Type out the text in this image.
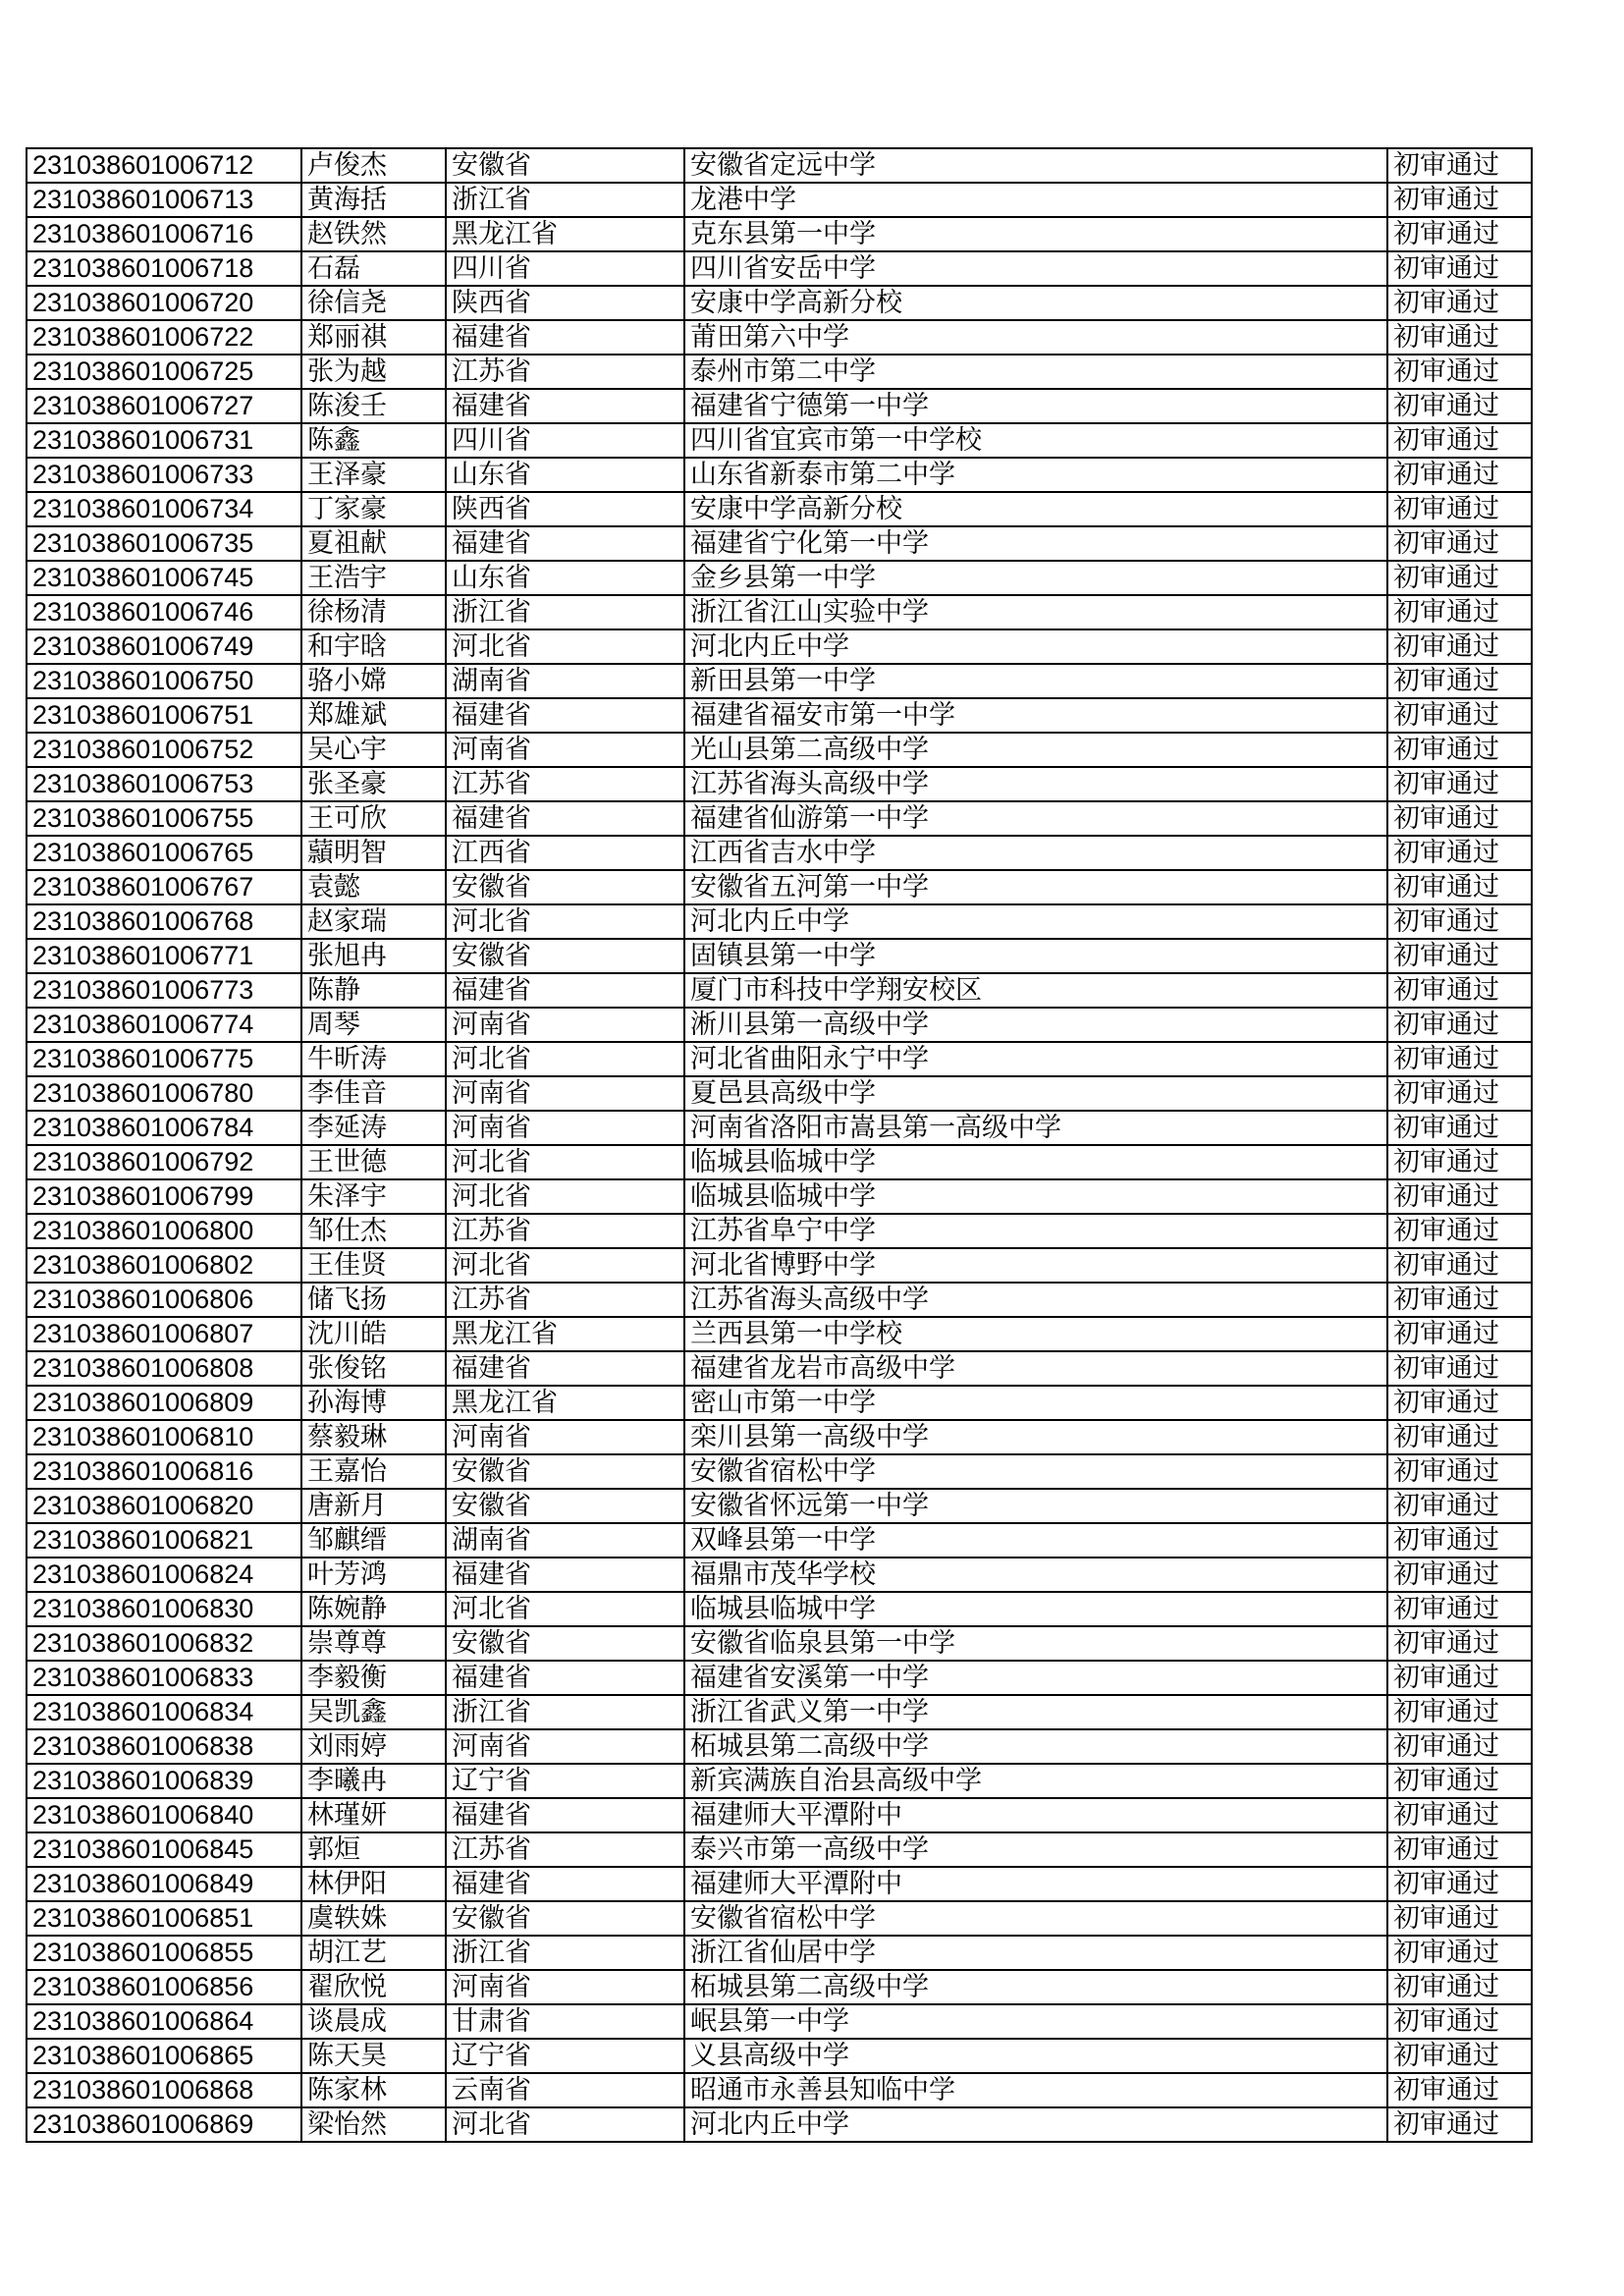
231038601006712	卢俊杰	安徽省	安徽省定远中学	初审通过
231038601006713	黄海括	浙江省	龙港中学	初审通过
231038601006716	赵铁然	黑龙江省	克东县第一中学	初审通过
231038601006718	石磊	四川省	四川省安岳中学	初审通过
231038601006720	徐信尧	陕西省	安康中学高新分校	初审通过
231038601006722	郑丽祺	福建省	莆田第六中学	初审通过
231038601006725	张为越	江苏省	泰州市第二中学	初审通过
231038601006727	陈浚壬	福建省	福建省宁德第一中学	初审通过
231038601006731	陈鑫	四川省	四川省宜宾市第一中学校	初审通过
231038601006733	王泽豪	山东省	山东省新泰市第二中学	初审通过
231038601006734	丁家豪	陕西省	安康中学高新分校	初审通过
231038601006735	夏祖献	福建省	福建省宁化第一中学	初审通过
231038601006745	王浩宇	山东省	金乡县第一中学	初审通过
231038601006746	徐杨清	浙江省	浙江省江山实验中学	初审通过
231038601006749	和宇晗	河北省	河北内丘中学	初审通过
231038601006750	骆小嫦	湖南省	新田县第一中学	初审通过
231038601006751	郑雄斌	福建省	福建省福安市第一中学	初审通过
231038601006752	吴心宇	河南省	光山县第二高级中学	初审通过
231038601006753	张圣豪	江苏省	江苏省海头高级中学	初审通过
231038601006755	王可欣	福建省	福建省仙游第一中学	初审通过
231038601006765	蘏明智	江西省	江西省吉水中学	初审通过
231038601006767	袁懿	安徽省	安徽省五河第一中学	初审通过
231038601006768	赵家瑞	河北省	河北内丘中学	初审通过
231038601006771	张旭冉	安徽省	固镇县第一中学	初审通过
231038601006773	陈静	福建省	厦门市科技中学翔安校区	初审通过
231038601006774	周琴	河南省	淅川县第一高级中学	初审通过
231038601006775	牛昕涛	河北省	河北省曲阳永宁中学	初审通过
231038601006780	李佳音	河南省	夏邑县高级中学	初审通过
231038601006784	李延涛	河南省	河南省洛阳市嵩县第一高级中学	初审通过
231038601006792	王世德	河北省	临城县临城中学	初审通过
231038601006799	朱泽宇	河北省	临城县临城中学	初审通过
231038601006800	邹仕杰	江苏省	江苏省阜宁中学	初审通过
231038601006802	王佳贤	河北省	河北省博野中学	初审通过
231038601006806	储飞扬	江苏省	江苏省海头高级中学	初审通过
231038601006807	沈川皓	黑龙江省	兰西县第一中学校	初审通过
231038601006808	张俊铭	福建省	福建省龙岩市高级中学	初审通过
231038601006809	孙海博	黑龙江省	密山市第一中学	初审通过
231038601006810	蔡毅琳	河南省	栾川县第一高级中学	初审通过
231038601006816	王嘉怡	安徽省	安徽省宿松中学	初审通过
231038601006820	唐新月	安徽省	安徽省怀远第一中学	初审通过
231038601006821	邹麒缙	湖南省	双峰县第一中学	初审通过
231038601006824	叶芳鸿	福建省	福鼎市茂华学校	初审通过
231038601006830	陈婉静	河北省	临城县临城中学	初审通过
231038601006832	崇尊尊	安徽省	安徽省临泉县第一中学	初审通过
231038601006833	李毅衡	福建省	福建省安溪第一中学	初审通过
231038601006834	吴凯鑫	浙江省	浙江省武义第一中学	初审通过
231038601006838	刘雨婷	河南省	柘城县第二高级中学	初审通过
231038601006839	李曦冉	辽宁省	新宾满族自治县高级中学	初审通过
231038601006840	林瑾妍	福建省	福建师大平潭附中	初审通过
231038601006845	郭烜	江苏省	泰兴市第一高级中学	初审通过
231038601006849	林伊阳	福建省	福建师大平潭附中	初审通过
231038601006851	虞轶姝	安徽省	安徽省宿松中学	初审通过
231038601006855	胡江艺	浙江省	浙江省仙居中学	初审通过
231038601006856	翟欣悦	河南省	柘城县第二高级中学	初审通过
231038601006864	谈晨成	甘肃省	岷县第一中学	初审通过
231038601006865	陈天昊	辽宁省	义县高级中学	初审通过
231038601006868	陈家林	云南省	昭通市永善县知临中学	初审通过
231038601006869	梁怡然	河北省	河北内丘中学	初审通过
